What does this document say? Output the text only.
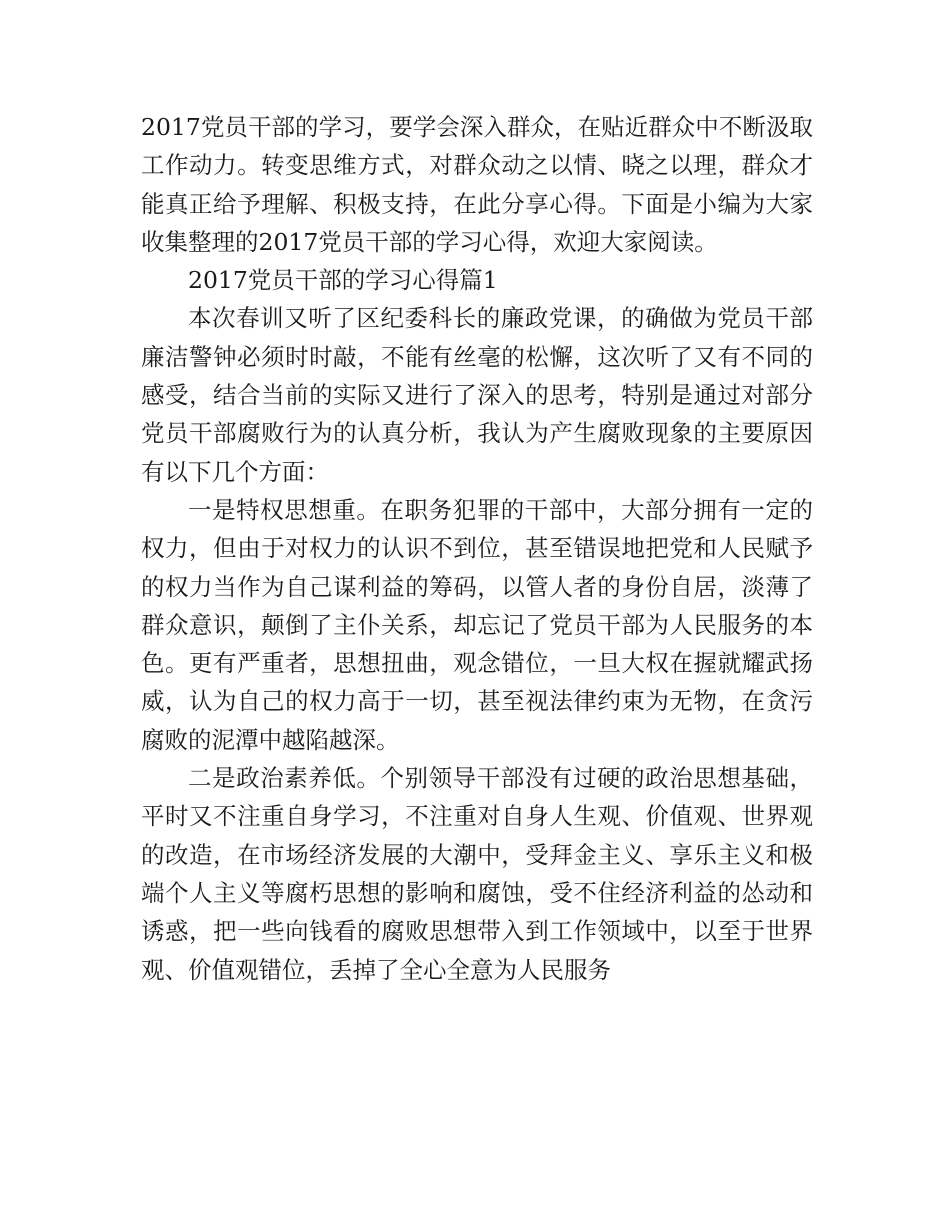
2017党员干部的学习，要学会深入群众，在贴近群众中不断汲取工作动力。转变思维方式，对群众动之以情、晓之以理，群众才能真正给予理解、积极支持，在此分享心得。下面是小编为大家收集整理的2017党员干部的学习心得，欢迎大家阅读。

2017党员干部的学习心得篇1

本次春训又听了区纪委科长的廉政党课，的确做为党员干部廉洁警钟必须时时敲，不能有丝毫的松懈，这次听了又有不同的感受，结合当前的实际又进行了深入的思考，特别是通过对部分党员干部腐败行为的认真分析，我认为产生腐败现象的主要原因有以下几个方面：

一是特权思想重。在职务犯罪的干部中，大部分拥有一定的权力，但由于对权力的认识不到位，甚至错误地把党和人民赋予的权力当作为自己谋利益的筹码，以管人者的身份自居，淡薄了群众意识，颠倒了主仆关系，却忘记了党员干部为人民服务的本色。更有严重者，思想扭曲，观念错位，一旦大权在握就耀武扬威，认为自己的权力高于一切，甚至视法律约束为无物，在贪污腐败的泥潭中越陷越深。

二是政治素养低。个别领导干部没有过硬的政治思想基础，平时又不注重自身学习，不注重对自身人生观、价值观、世界观的改造，在市场经济发展的大潮中，受拜金主义、享乐主义和极端个人主义等腐朽思想的影响和腐蚀，受不住经济利益的怂动和诱惑，把一些向钱看的腐败思想带入到工作领域中，以至于世界观、价值观错位，丢掉了全心全意为人民服务
